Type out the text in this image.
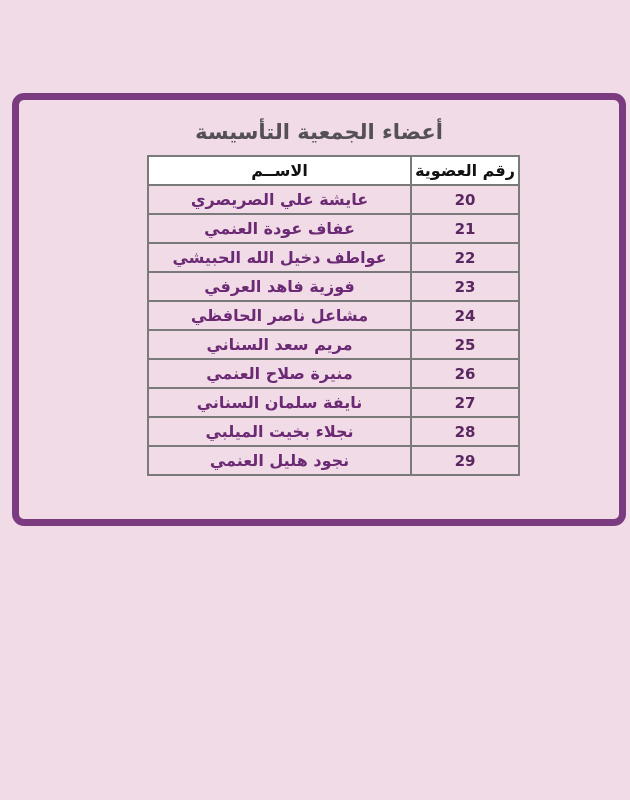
أعضاء الجمعية التأسيسة
رقم العضوية	الاســم
20	عايشة علي الصريصري
21	عفاف عودة العنمي
22	عواطف دخيل الله الحبيشي
23	فوزية فاهد العرفي
24	مشاعل ناصر الحافظي
25	مريم سعد السناني
26	منيرة صلاح العنمي
27	نايفة سلمان السناني
28	نجلاء بخيت الميلبي
29	نجود هليل العنمي
